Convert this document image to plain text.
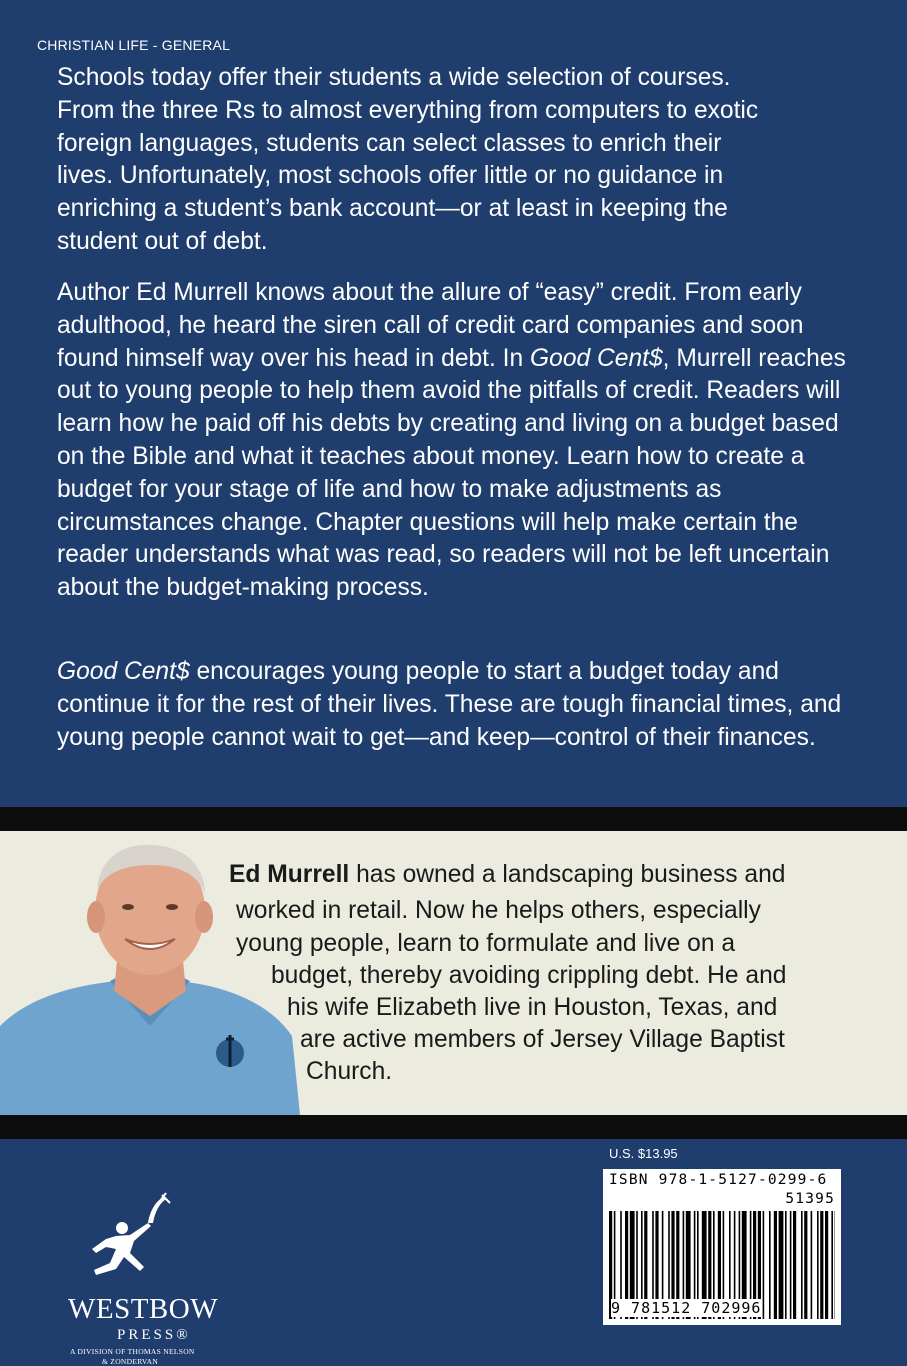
CHRISTIAN LIFE - GENERAL
Schools today offer their students a wide selection of courses.
From the three Rs to almost everything from computers to exotic
foreign languages, students can select classes to enrich their
lives. Unfortunately, most schools offer little or no guidance in
enriching a student’s bank account—or at least in keeping the
student out of debt.

Author Ed Murrell knows about the allure of “easy” credit. From early adulthood, he heard the siren call of credit card companies and soon found himself way over his head in debt. In Good Cent$, Murrell reaches out to young people to help them avoid the pitfalls of credit. Readers will learn how he paid off his debts by creating and living on a budget based on the Bible and what it teaches about money. Learn how to create a budget for your stage of life and how to make adjustments as circumstances change. Chapter questions will help make certain the reader understands what was read, so readers will not be left uncertain about the budget-making process.

Good Cent$ encourages young people to start a budget today and continue it for the rest of their lives. These are tough financial times, and young people cannot wait to get—and keep—control of their finances.

Ed Murrell has owned a landscaping business and
worked in retail. Now he helps others, especially
young people, learn to formulate and live on a
budget, thereby avoiding crippling debt. He and
his wife Elizabeth live in Houston, Texas, and
are active members of Jersey Village Baptist
Church.
WESTBOW
PRESS®
A DIVISION OF THOMAS NELSON
& ZONDERVAN
U.S. $13.95
ISBN 978-1-5127-0299-6
51395
9 781512 702996
